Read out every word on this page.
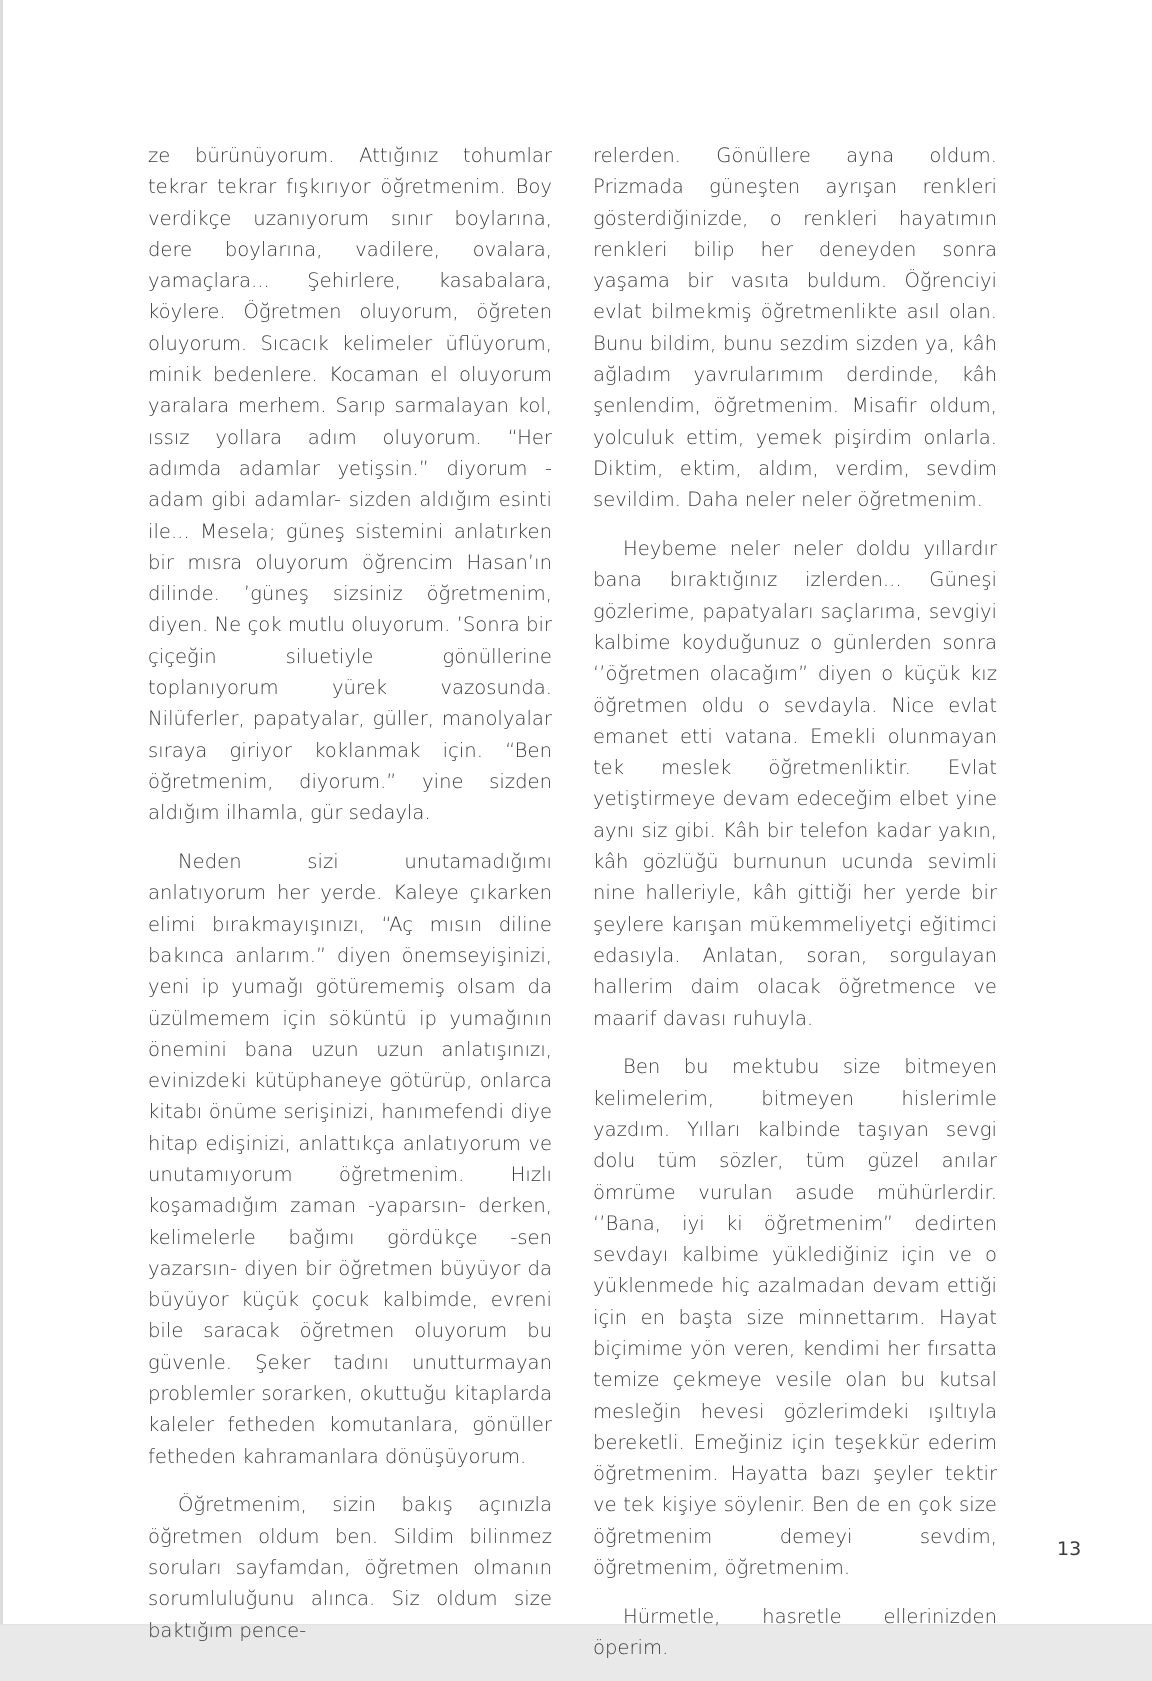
ze bürünüyorum. Attığınız tohumlar tekrar tekrar fışkırıyor öğretmenim. Boy verdikçe uzanıyorum sınır boylarına, dere boylarına, vadilere, ovalara, yamaçlara... Şehirlere, kasabalara, köylere. Öğretmen oluyorum, öğreten oluyorum. Sıcacık kelimeler üflüyorum, minik bedenlere. Kocaman el oluyorum yaralara merhem. Sarıp sarmalayan kol, ıssız yollara adım oluyorum. “Her adımda adamlar yetişsin.” diyorum -adam gibi adamlar- sizden aldığım esinti ile... Mesela; güneş sistemini anlatırken bir mısra oluyorum öğrencim Hasan’ın dilinde. ’güneş sizsiniz öğretmenim, diyen. Ne çok mutlu oluyorum. ’Sonra bir çiçeğin siluetiyle gönüllerine toplanıyorum yürek vazosunda. Nilüferler, papatyalar, güller, manolyalar sıraya giriyor koklanmak için. “Ben öğretmenim, diyorum.” yine sizden aldığım ilhamla, gür sedayla.

Neden sizi unutamadığımı anlatıyorum her yerde. Kaleye çıkarken elimi bırakmayışınızı, “Aç mısın diline bakınca anlarım.” diyen önemseyişinizi, yeni ip yumağı götürememiş olsam da üzülmemem için söküntü ip yumağının önemini bana uzun uzun anlatışınızı, evinizdeki kütüphaneye götürüp, onlarca kitabı önüme serişinizi, hanımefendi diye hitap edişinizi, anlattıkça anlatıyorum ve unutamıyorum öğretmenim. Hızlı koşamadığım zaman -yaparsın- derken, kelimelerle bağımı gördükçe -sen yazarsın- diyen bir öğretmen büyüyor da büyüyor küçük çocuk kalbimde, evreni bile saracak öğretmen oluyorum bu güvenle. Şeker tadını unutturmayan problemler sorarken, okuttuğu kitaplarda kaleler fetheden komutanlara, gönüller fetheden kahramanlara dönüşüyorum.

Öğretmenim, sizin bakış açınızla öğretmen oldum ben. Sildim bilinmez soruları sayfamdan, öğretmen olmanın sorumluluğunu alınca. Siz oldum size baktığım pence-

relerden. Gönüllere ayna oldum. Prizmada güneşten ayrışan renkleri gösterdiğinizde, o renkleri hayatımın renkleri bilip her deneyden sonra yaşama bir vasıta buldum. Öğrenciyi evlat bilmekmiş öğretmenlikte asıl olan. Bunu bildim, bunu sezdim sizden ya, kâh ağladım yavrularımım derdinde, kâh şenlendim, öğretmenim. Misafir oldum, yolculuk ettim, yemek pişirdim onlarla. Diktim, ektim, aldım, verdim, sevdim sevildim. Daha neler neler öğretmenim.

Heybeme neler neler doldu yıllardır bana bıraktığınız izlerden... Güneşi gözlerime, papatyaları saçlarıma, sevgiyi kalbime koyduğunuz o günlerden sonra ‘’öğretmen olacağım” diyen o küçük kız öğretmen oldu o sevdayla. Nice evlat emanet etti vatana. Emekli olunmayan tek meslek öğretmenliktir. Evlat yetiştirmeye devam edeceğim elbet yine aynı siz gibi. Kâh bir telefon kadar yakın, kâh gözlüğü burnunun ucunda sevimli nine halleriyle, kâh gittiği her yerde bir şeylere karışan mükemmeliyetçi eğitimci edasıyla. Anlatan, soran, sorgulayan hallerim daim olacak öğretmence ve maarif davası ruhuyla.

Ben bu mektubu size bitmeyen kelimelerim, bitmeyen hislerimle yazdım. Yılları kalbinde taşıyan sevgi dolu tüm sözler, tüm güzel anılar ömrüme vurulan asude mühürlerdir. ‘’Bana, iyi ki öğretmenim” dedirten sevdayı kalbime yüklediğiniz için ve o yüklenmede hiç azalmadan devam ettiği için en başta size minnettarım. Hayat biçimime yön veren, kendimi her fırsatta temize çekmeye vesile olan bu kutsal mesleğin hevesi gözlerimdeki ışıltıyla bereketli. Emeğiniz için teşekkür ederim öğretmenim. Hayatta bazı şeyler tektir ve tek kişiye söylenir. Ben de en çok size öğretmenim demeyi sevdim, öğretmenim, öğretmenim.

Hürmetle, hasretle ellerinizden öperim.

13
